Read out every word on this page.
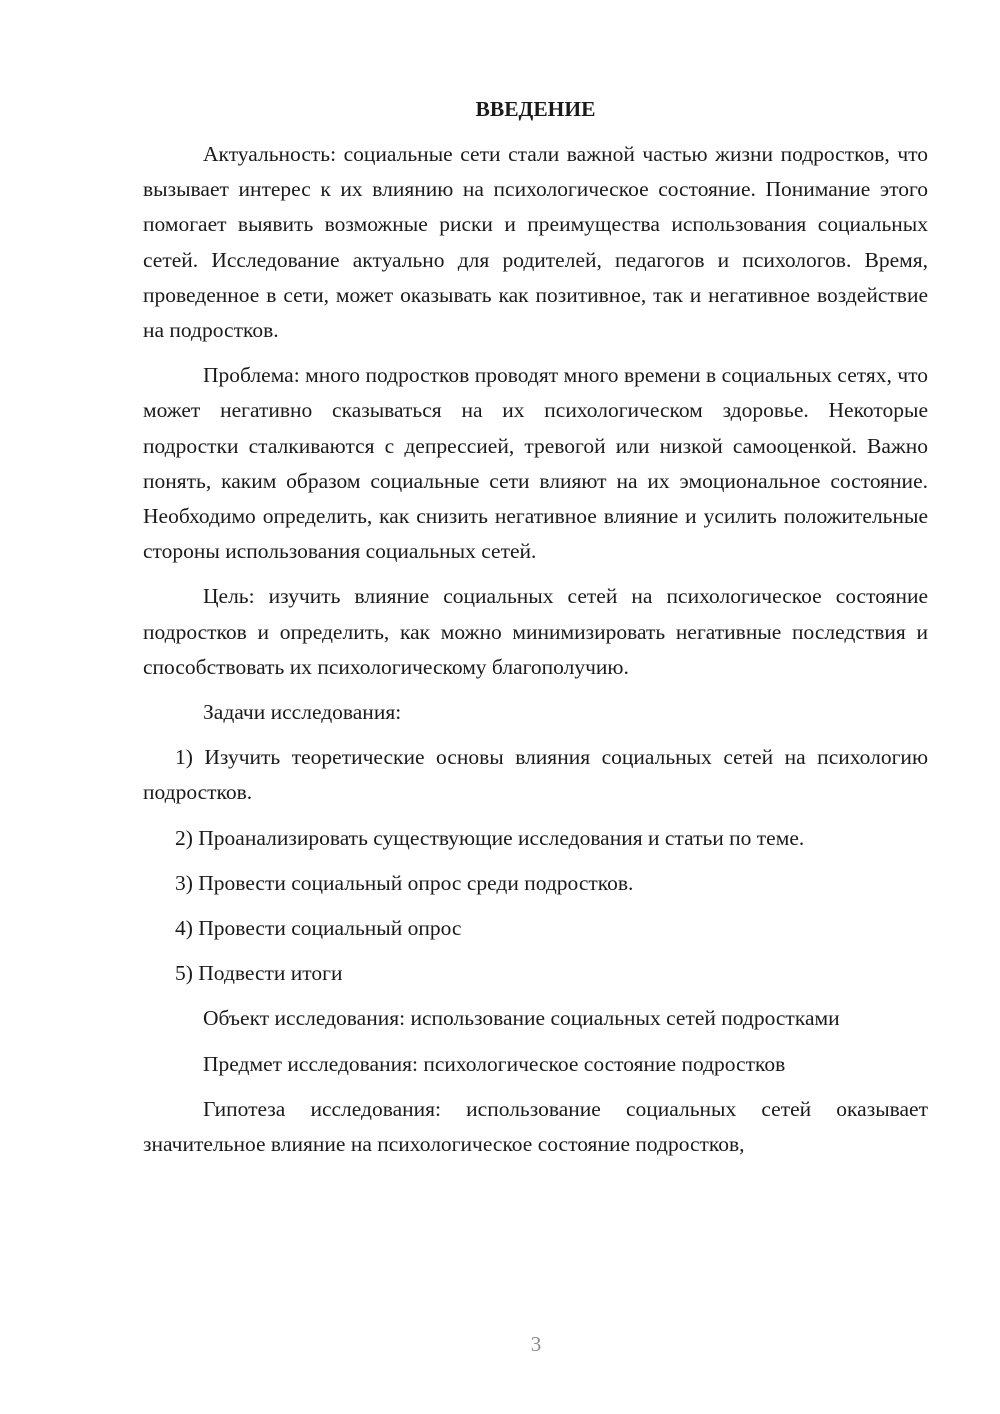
ВВЕДЕНИЕ

Актуальность: социальные сети стали важной частью жизни подростков, что вызывает интерес к их влиянию на психологическое состояние. Понимание этого помогает выявить возможные риски и преимущества использования социальных сетей. Исследование актуально для родителей, педагогов и психологов. Время, проведенное в сети, может оказывать как позитивное, так и негативное воздействие на подростков.

Проблема: много подростков проводят много времени в социальных сетях, что может негативно сказываться на их психологическом здоровье. Некоторые подростки сталкиваются с депрессией, тревогой или низкой самооценкой. Важно понять, каким образом социальные сети влияют на их эмоциональное состояние. Необходимо определить, как снизить негативное влияние и усилить положительные стороны использования социальных сетей.

Цель: изучить влияние социальных сетей на психологическое состояние подростков и определить, как можно минимизировать негативные последствия и способствовать их психологическому благополучию.

Задачи исследования:

1) Изучить теоретические основы влияния социальных сетей на психологию подростков.

2) Проанализировать существующие исследования и статьи по теме.

3) Провести социальный опрос среди подростков.

4) Провести социальный опрос

5) Подвести итоги

Объект исследования: использование социальных сетей подростками

Предмет исследования: психологическое состояние подростков

Гипотеза исследования: использование социальных сетей оказывает значительное влияние на психологическое состояние подростков,

3
